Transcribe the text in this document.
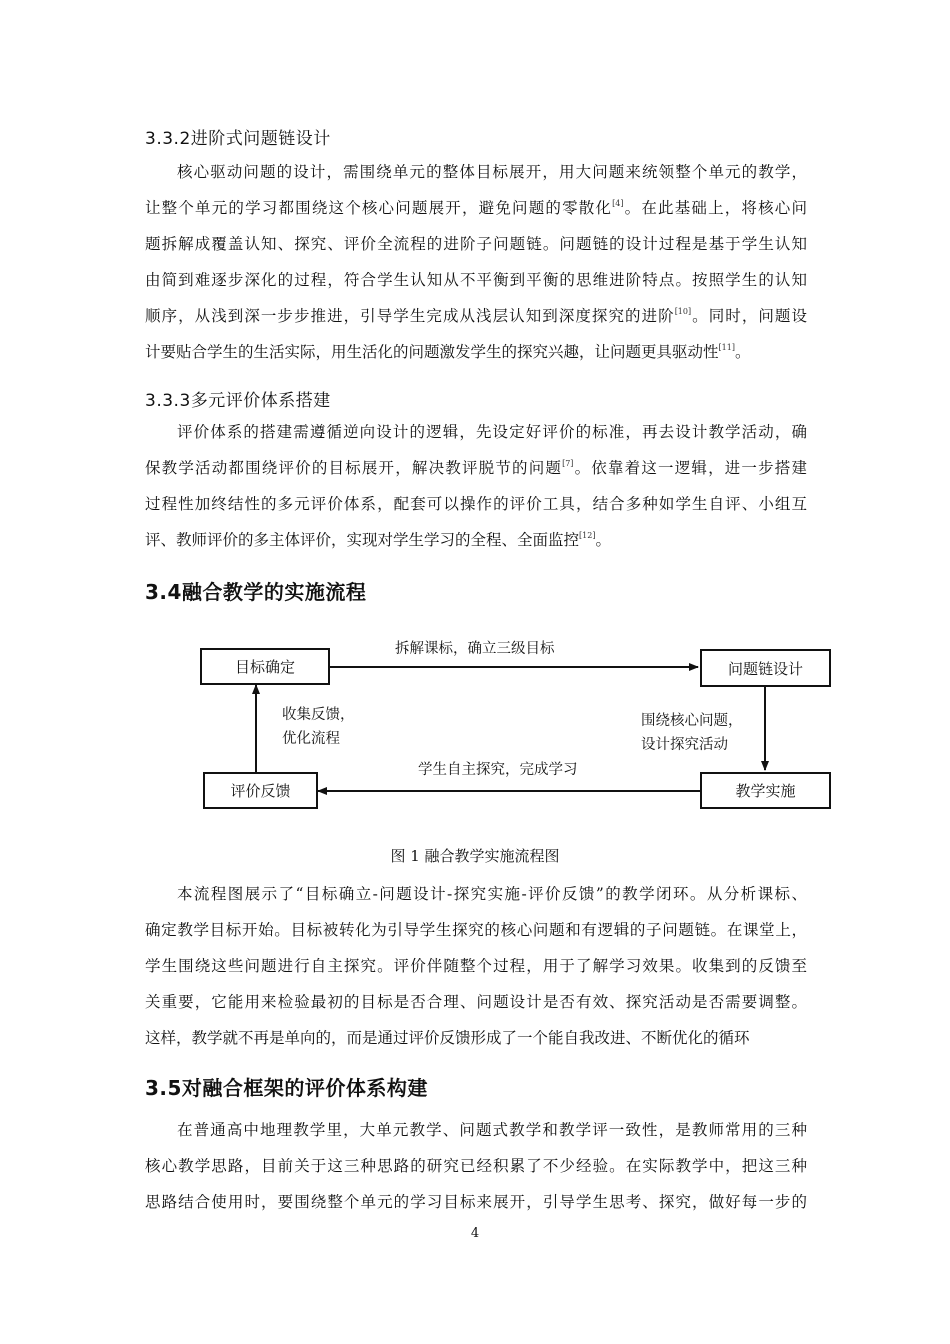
3.3.2进阶式问题链设计
核心驱动问题的设计，需围绕单元的整体目标展开，用大问题来统领整个单元的教学，
让整个单元的学习都围绕这个核心问题展开，避免问题的零散化[4]。在此基础上，将核心问
题拆解成覆盖认知、探究、评价全流程的进阶子问题链。问题链的设计过程是基于学生认知
由简到难逐步深化的过程，符合学生认知从不平衡到平衡的思维进阶特点。按照学生的认知
顺序，从浅到深一步步推进，引导学生完成从浅层认知到深度探究的进阶[10]。同时，问题设
计要贴合学生的生活实际，用生活化的问题激发学生的探究兴趣，让问题更具驱动性[11]。
3.3.3多元评价体系搭建
评价体系的搭建需遵循逆向设计的逻辑，先设定好评价的标准，再去设计教学活动，确
保教学活动都围绕评价的目标展开，解决教评脱节的问题[7]。依靠着这一逻辑，进一步搭建
过程性加终结性的多元评价体系，配套可以操作的评价工具，结合多种如学生自评、小组互
评、教师评价的多主体评价，实现对学生学习的全程、全面监控[12]。
3.4融合教学的实施流程
目标确定	问题链设计
教学实施
评价反馈
拆解课标，确立三级目标
围绕核心问题，
设计探究活动
学生自主探究，完成学习
收集反馈，
优化流程
图 1 融合教学实施流程图
本流程图展示了“目标确立-问题设计-探究实施-评价反馈”的教学闭环。从分析课标、
确定教学目标开始。目标被转化为引导学生探究的核心问题和有逻辑的子问题链。在课堂上，
学生围绕这些问题进行自主探究。评价伴随整个过程，用于了解学习效果。收集到的反馈至
关重要，它能用来检验最初的目标是否合理、问题设计是否有效、探究活动是否需要调整。
这样，教学就不再是单向的，而是通过评价反馈形成了一个能自我改进、不断优化的循环
3.5对融合框架的评价体系构建
在普通高中地理教学里，大单元教学、问题式教学和教学评一致性，是教师常用的三种
核心教学思路，目前关于这三种思路的研究已经积累了不少经验。在实际教学中，把这三种
思路结合使用时，要围绕整个单元的学习目标来展开，引导学生思考、探究，做好每一步的
4
